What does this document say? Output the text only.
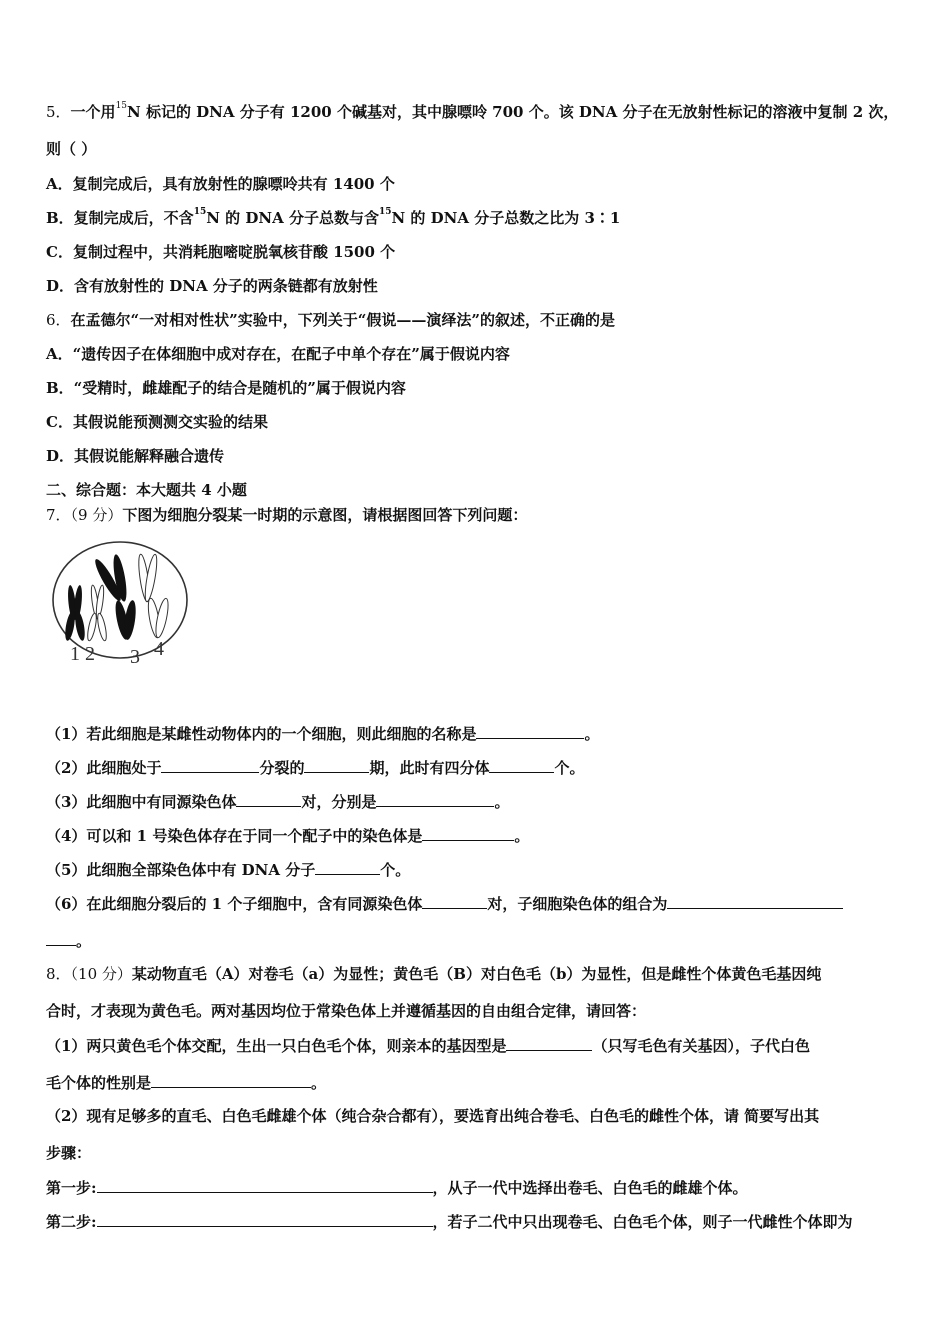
5．一个用$^{15}$N 标记的 DNA 分子有 1200 个碱基对，其中腺嘌呤 700 个。该 DNA 分子在无放射性标记的溶液中复制 2 次，
则（ ）
A．复制完成后，具有放射性的腺嘌呤共有 1400 个
B．复制完成后，不含$^{15}$N 的 DNA 分子总数与含$^{15}$N 的 DNA 分子总数之比为 3∶1
C．复制过程中，共消耗胞嘧啶脱氧核苷酸 1500 个
D．含有放射性的 DNA 分子的两条链都有放射性
6．在孟德尔“一对相对性状”实验中，下列关于“假说——演绎法”的叙述，不正确的是
A．“遗传因子在体细胞中成对存在，在配子中单个存在”属于假说内容
B．“受精时，雌雄配子的结合是随机的”属于假说内容
C．其假说能预测测交实验的结果
D．其假说能解释融合遗传
二、综合题：本大题共 4 小题
7．（9 分）下图为细胞分裂某一时期的示意图，请根据图回答下列问题：
1 2 3 4
（1）若此细胞是某雌性动物体内的一个细胞，则此细胞的名称是	。
（2）此细胞处于	分裂的	期，此时有四分体	个。
（3）此细胞中有同源染色体	对，分别是	。
（4）可以和 1 号染色体存在于同一个配子中的染色体是	。
（5）此细胞全部染色体中有 DNA 分子	个。
（6）在此细胞分裂后的 1 个子细胞中，含有同源染色体	对，子细胞染色体的组合为
。
8．（10 分）某动物直毛（A）对卷毛（a）为显性；黄色毛（B）对白色毛（b）为显性，但是雌性个体黄色毛基因纯
合时，才表现为黄色毛。两对基因均位于常染色体上并遵循基因的自由组合定律，请回答：
（1）两只黄色毛个体交配，生出一只白色毛个体，则亲本的基因型是	（只写毛色有关基因），子代白色
毛个体的性别是	。
（2）现有足够多的直毛、白色毛雌雄个体（纯合杂合都有），要选育出纯合卷毛、白色毛的雌性个体，请 简要写出其
步骤：
第一步:	，从子一代中选择出卷毛、白色毛的雌雄个体。
第二步:	，若子二代中只出现卷毛、白色毛个体，则子一代雌性个体即为
